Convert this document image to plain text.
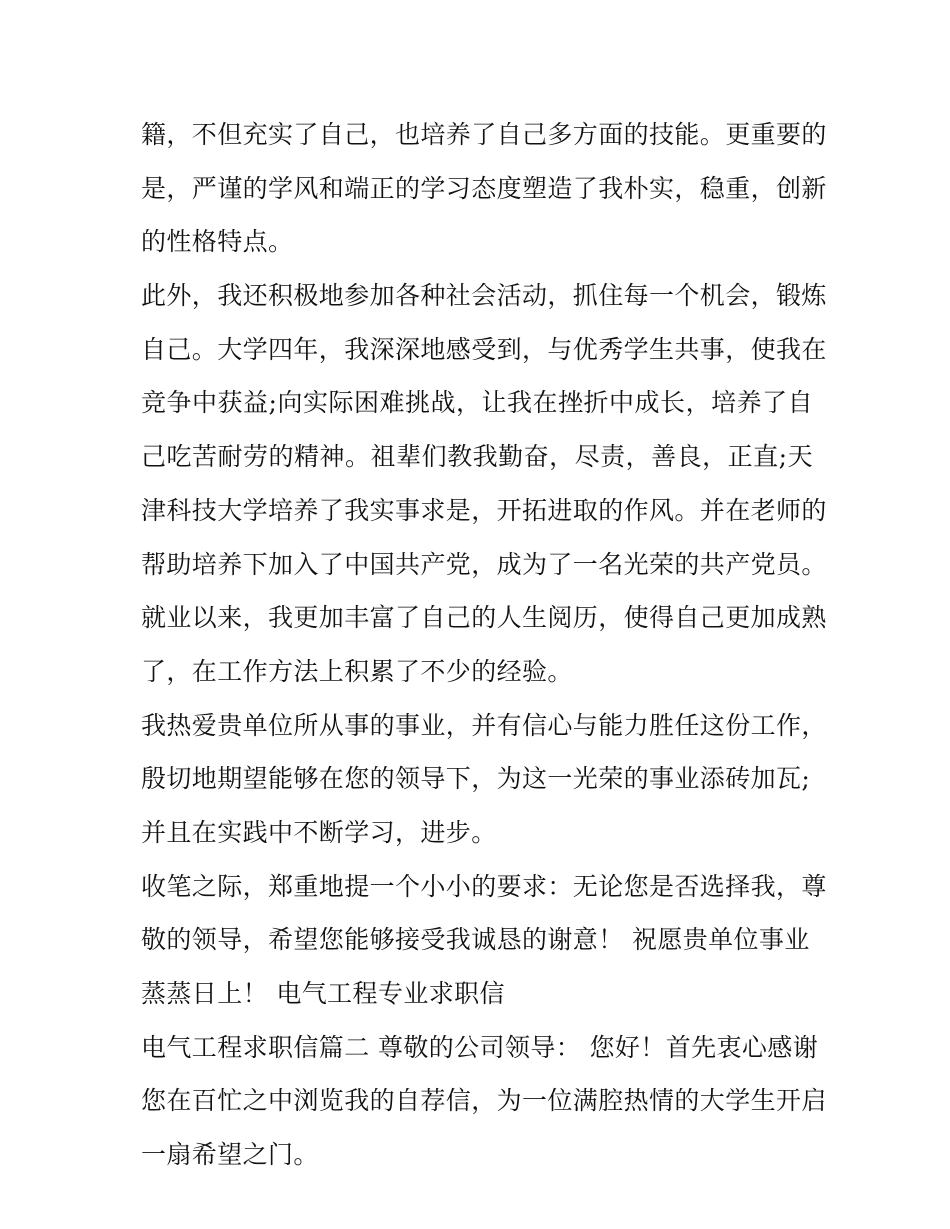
籍，不但充实了自己，也培养了自己多方面的技能。更重要的
是，严谨的学风和端正的学习态度塑造了我朴实，稳重，创新
的性格特点。
此外，我还积极地参加各种社会活动，抓住每一个机会，锻炼
自己。大学四年，我深深地感受到，与优秀学生共事，使我在
竞争中获益;向实际困难挑战，让我在挫折中成长，培养了自
己吃苦耐劳的精神。祖辈们教我勤奋，尽责，善良，正直;天
津科技大学培养了我实事求是，开拓进取的作风。并在老师的
帮助培养下加入了中国共产党，成为了一名光荣的共产党员。
就业以来，我更加丰富了自己的人生阅历，使得自己更加成熟
了，在工作方法上积累了不少的经验。
我热爱贵单位所从事的事业，并有信心与能力胜任这份工作，
殷切地期望能够在您的领导下，为这一光荣的事业添砖加瓦;
并且在实践中不断学习，进步。
收笔之际，郑重地提一个小小的要求：无论您是否选择我，尊
敬的领导，希望您能够接受我诚恳的谢意！ 祝愿贵单位事业
蒸蒸日上！ 电气工程专业求职信
电气工程求职信篇二 尊敬的公司领导： 您好！首先衷心感谢
您在百忙之中浏览我的自荐信，为一位满腔热情的大学生开启
一扇希望之门。
